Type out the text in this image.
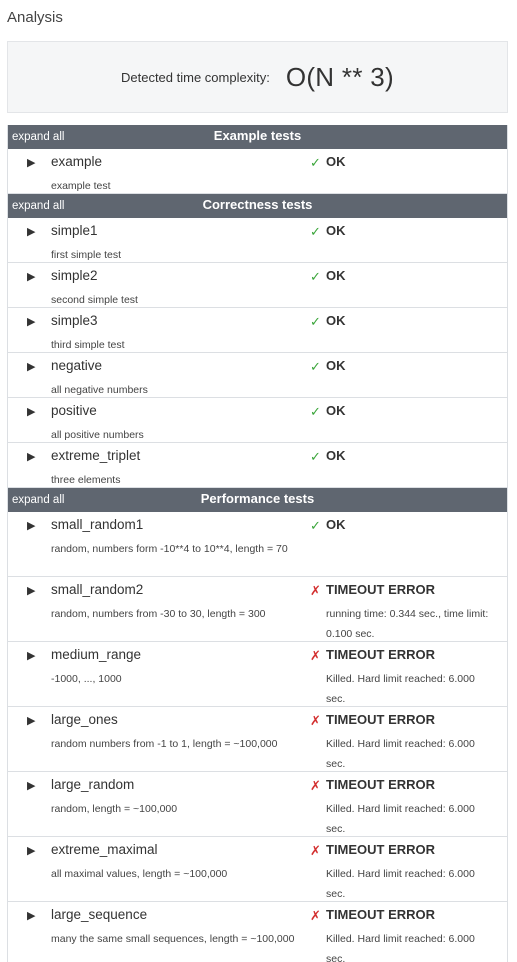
Analysis
Detected time complexity: O(N ** 3)
expand all	Example tests
▶ example
example test
✓ OK
expand all	Correctness tests
▶ simple1
first simple test
✓ OK
▶ simple2
second simple test
✓ OK
▶ simple3
third simple test
✓ OK
▶ negative
all negative numbers
✓ OK
▶ positive
all positive numbers
✓ OK
▶ extreme_triplet
three elements
✓ OK
expand all	Performance tests
▶ small_random1
random, numbers form -10**4 to 10**4, length = 70
✓ OK
▶ small_random2
random, numbers from -30 to 30, length = 300
✗ TIMEOUT ERROR
running time: 0.344 sec., time limit: 0.100 sec.
▶ medium_range
-1000, ..., 1000
✗ TIMEOUT ERROR
Killed. Hard limit reached: 6.000 sec.
▶ large_ones
random numbers from -1 to 1, length = ~100,000
✗ TIMEOUT ERROR
Killed. Hard limit reached: 6.000 sec.
▶ large_random
random, length = ~100,000
✗ TIMEOUT ERROR
Killed. Hard limit reached: 6.000 sec.
▶ extreme_maximal
all maximal values, length = ~100,000
✗ TIMEOUT ERROR
Killed. Hard limit reached: 6.000 sec.
▶ large_sequence
many the same small sequences, length = ~100,000
✗ TIMEOUT ERROR
Killed. Hard limit reached: 6.000 sec.
